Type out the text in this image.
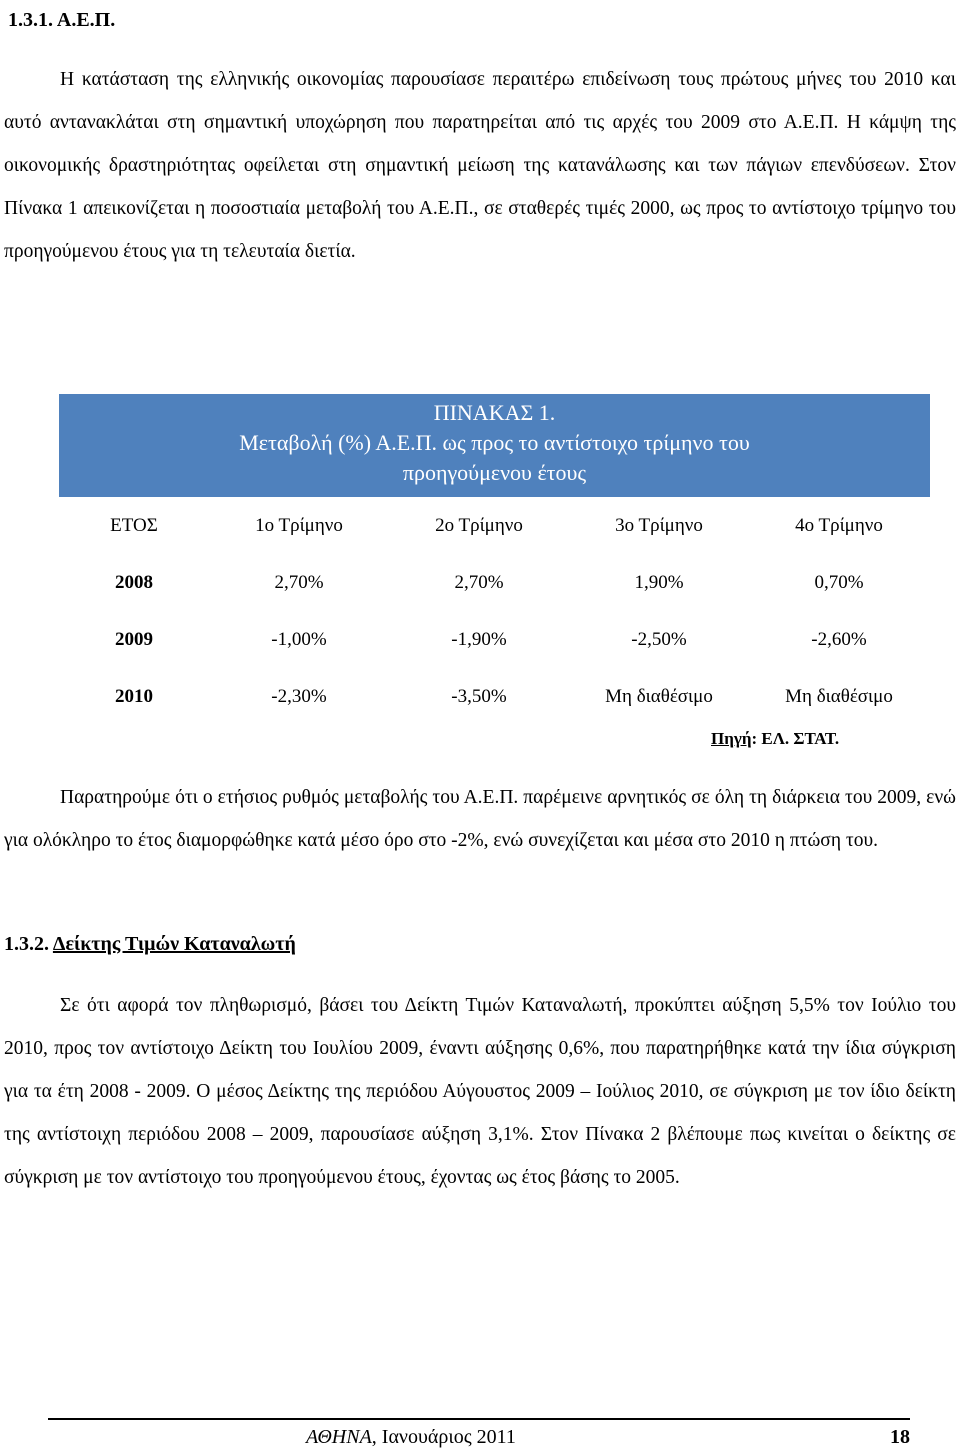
1.3.1. Α.Ε.Π.

Η κατάσταση της ελληνικής οικονομίας παρουσίασε περαιτέρω επιδείνωση τους πρώτους μήνες του 2010 και αυτό αντανακλάται στη σημαντική υποχώρηση που παρατηρείται από τις αρχές του 2009 στο Α.Ε.Π. Η κάμψη της οικονομικής δραστηριότητας οφείλεται στη σημαντική μείωση της κατανάλωσης και των πάγιων επενδύσεων. Στον Πίνακα 1 απεικονίζεται η ποσοστιαία μεταβολή του Α.Ε.Π., σε σταθερές τιμές 2000, ως προς το αντίστοιχο τρίμηνο του προηγούμενου έτους για τη τελευταία διετία.

ΠΙΝΑΚΑΣ 1.
Μεταβολή (%) Α.Ε.Π. ως προς το αντίστοιχο τρίμηνο του
προηγούμενου έτους
ΕΤΟΣ	1ο Τρίμηνο	2ο Τρίμηνο	3ο Τρίμηνο	4ο Τρίμηνο
2008	2,70%	2,70%	1,90%	0,70%
2009	-1,00%	-1,90%	-2,50%	-2,60%
2010	-2,30%	-3,50%	Μη διαθέσιμο	Μη διαθέσιμο
Πηγή: ΕΛ. ΣΤΑΤ.

Παρατηρούμε ότι ο ετήσιος ρυθμός μεταβολής του Α.Ε.Π. παρέμεινε αρνητικός σε όλη τη διάρκεια του 2009, ενώ για ολόκληρο το έτος διαμορφώθηκε κατά μέσο όρο στο -2%, ενώ συνεχίζεται και μέσα στο 2010 η πτώση του.

1.3.2. Δείκτης Τιμών Καταναλωτή

Σε ότι αφορά τον πληθωρισμό, βάσει του Δείκτη Τιμών Καταναλωτή, προκύπτει αύξηση 5,5% τον Ιούλιο του 2010, προς τον αντίστοιχο Δείκτη του Ιουλίου 2009, έναντι αύξησης 0,6%, που παρατηρήθηκε κατά την ίδια σύγκριση για τα έτη 2008 - 2009. Ο μέσος Δείκτης της περιόδου Αύγουστος 2009 – Ιούλιος 2010, σε σύγκριση με τον ίδιο δείκτη της αντίστοιχη περιόδου 2008 – 2009, παρουσίασε αύξηση 3,1%. Στον Πίνακα 2 βλέπουμε πως κινείται ο δείκτης σε σύγκριση με τον αντίστοιχο του προηγούμενου έτους, έχοντας ως έτος βάσης το 2005.

ΑΘΗΝΑ, Ιανουάριος 2011	18
